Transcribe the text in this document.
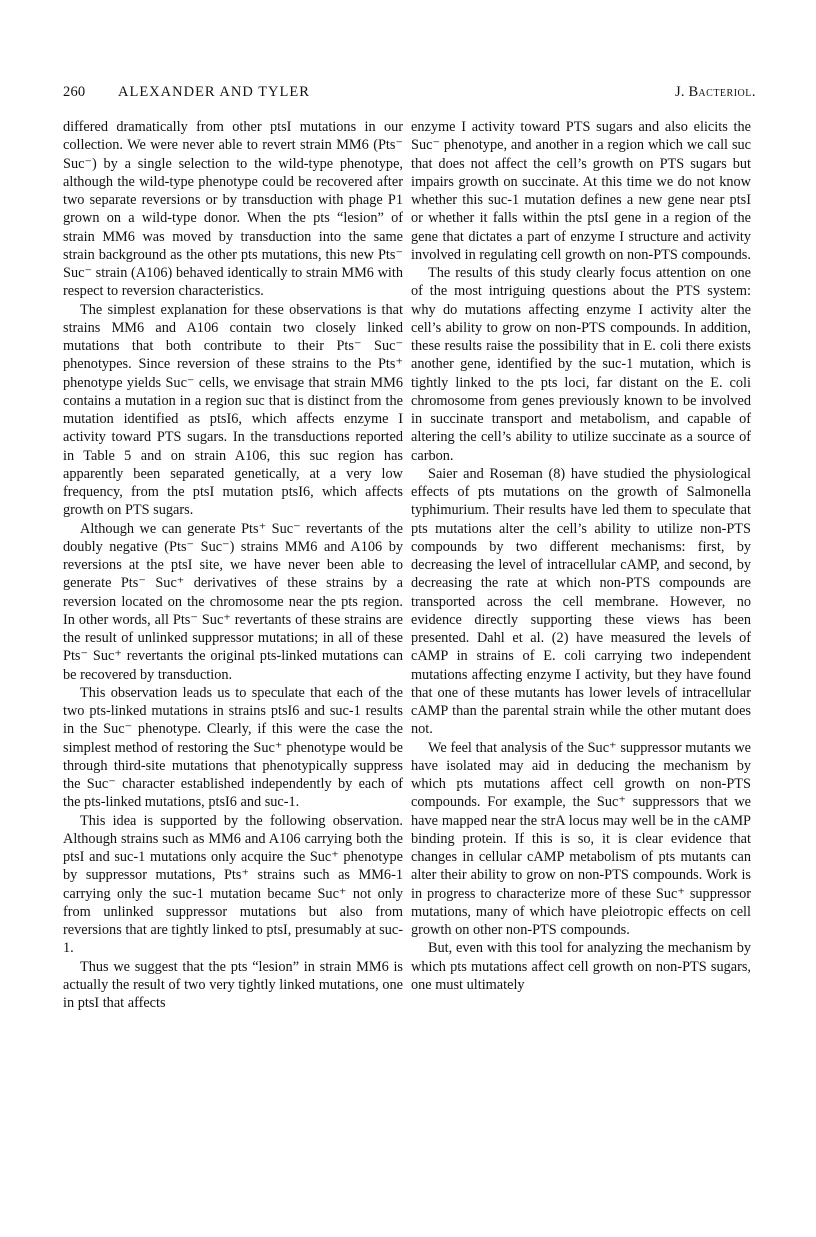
260 ALEXANDER AND TYLER	J. Bacteriol.

differed dramatically from other ptsI mutations in our collection. We were never able to revert strain MM6 (Pts⁻ Suc⁻) by a single selection to the wild-type phenotype, although the wild-type phenotype could be recovered after two separate reversions or by transduction with phage P1 grown on a wild-type donor. When the pts “lesion” of strain MM6 was moved by transduction into the same strain background as the other pts mutations, this new Pts⁻ Suc⁻ strain (A106) behaved identically to strain MM6 with respect to reversion characteristics.

The simplest explanation for these observations is that strains MM6 and A106 contain two closely linked mutations that both contribute to their Pts⁻ Suc⁻ phenotypes. Since reversion of these strains to the Pts⁺ phenotype yields Suc⁻ cells, we envisage that strain MM6 contains a mutation in a region suc that is distinct from the mutation identified as ptsI6, which affects enzyme I activity toward PTS sugars. In the transductions reported in Table 5 and on strain A106, this suc region has apparently been separated genetically, at a very low frequency, from the ptsI mutation ptsI6, which affects growth on PTS sugars.

Although we can generate Pts⁺ Suc⁻ revertants of the doubly negative (Pts⁻ Suc⁻) strains MM6 and A106 by reversions at the ptsI site, we have never been able to generate Pts⁻ Suc⁺ derivatives of these strains by a reversion located on the chromosome near the pts region. In other words, all Pts⁻ Suc⁺ revertants of these strains are the result of unlinked suppressor mutations; in all of these Pts⁻ Suc⁺ revertants the original pts-linked mutations can be recovered by transduction.

This observation leads us to speculate that each of the two pts-linked mutations in strains ptsI6 and suc-1 results in the Suc⁻ phenotype. Clearly, if this were the case the simplest method of restoring the Suc⁺ phenotype would be through third-site mutations that phenotypically suppress the Suc⁻ character established independently by each of the pts-linked mutations, ptsI6 and suc-1.

This idea is supported by the following observation. Although strains such as MM6 and A106 carrying both the ptsI and suc-1 mutations only acquire the Suc⁺ phenotype by suppressor mutations, Pts⁺ strains such as MM6-1 carrying only the suc-1 mutation became Suc⁺ not only from unlinked suppressor mutations but also from reversions that are tightly linked to ptsI, presumably at suc-1.

Thus we suggest that the pts “lesion” in strain MM6 is actually the result of two very tightly linked mutations, one in ptsI that affects

enzyme I activity toward PTS sugars and also elicits the Suc⁻ phenotype, and another in a region which we call suc that does not affect the cell’s growth on PTS sugars but impairs growth on succinate. At this time we do not know whether this suc-1 mutation defines a new gene near ptsI or whether it falls within the ptsI gene in a region of the gene that dictates a part of enzyme I structure and activity involved in regulating cell growth on non-PTS compounds.

The results of this study clearly focus attention on one of the most intriguing questions about the PTS system: why do mutations affecting enzyme I activity alter the cell’s ability to grow on non-PTS compounds. In addition, these results raise the possibility that in E. coli there exists another gene, identified by the suc-1 mutation, which is tightly linked to the pts loci, far distant on the E. coli chromosome from genes previously known to be involved in succinate transport and metabolism, and capable of altering the cell’s ability to utilize succinate as a source of carbon.

Saier and Roseman (8) have studied the physiological effects of pts mutations on the growth of Salmonella typhimurium. Their results have led them to speculate that pts mutations alter the cell’s ability to utilize non-PTS compounds by two different mechanisms: first, by decreasing the level of intracellular cAMP, and second, by decreasing the rate at which non-PTS compounds are transported across the cell membrane. However, no evidence directly supporting these views has been presented. Dahl et al. (2) have measured the levels of cAMP in strains of E. coli carrying two independent mutations affecting enzyme I activity, but they have found that one of these mutants has lower levels of intracellular cAMP than the parental strain while the other mutant does not.

We feel that analysis of the Suc⁺ suppressor mutants we have isolated may aid in deducing the mechanism by which pts mutations affect cell growth on non-PTS compounds. For example, the Suc⁺ suppressors that we have mapped near the strA locus may well be in the cAMP binding protein. If this is so, it is clear evidence that changes in cellular cAMP metabolism of pts mutants can alter their ability to grow on non-PTS compounds. Work is in progress to characterize more of these Suc⁺ suppressor mutations, many of which have pleiotropic effects on cell growth on other non-PTS compounds.

But, even with this tool for analyzing the mechanism by which pts mutations affect cell growth on non-PTS sugars, one must ultimately
